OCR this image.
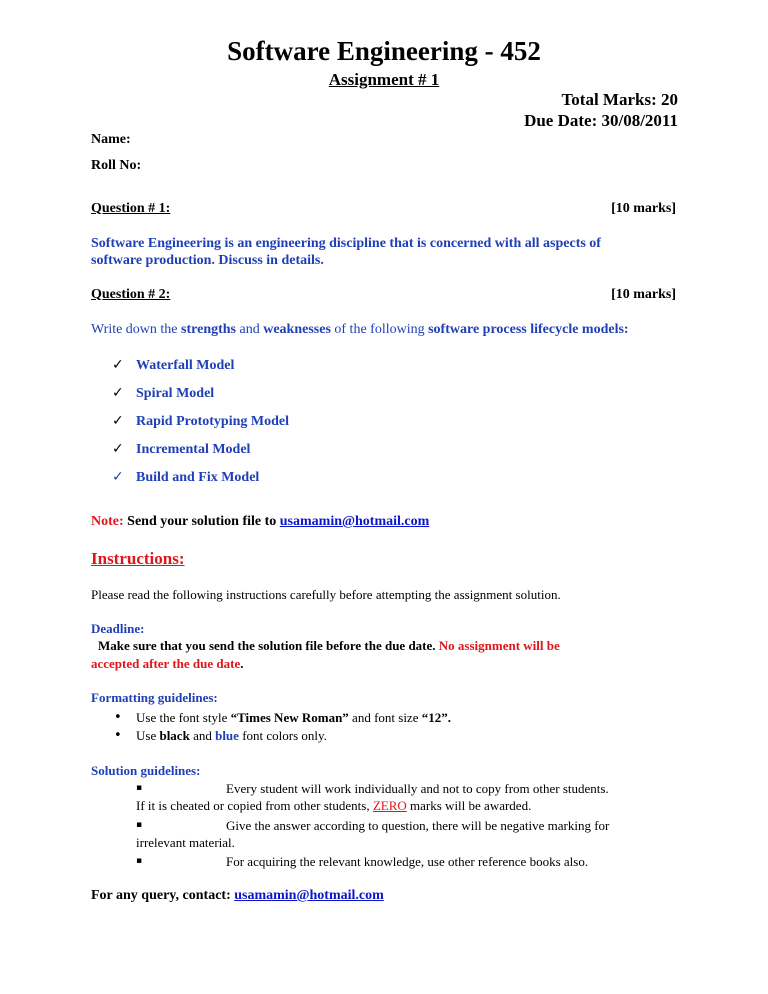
Software Engineering - 452
Assignment # 1
Total Marks: 20
Due Date: 30/08/2011
Name:
Roll No:
Question # 1:	[10 marks]
Software Engineering is an engineering discipline that is concerned with all aspects of
software production. Discuss in details.
Question # 2:	[10 marks]
Write down the strengths and weaknesses of the following software process lifecycle models:
✓ Waterfall Model
✓ Spiral Model
✓ Rapid Prototyping Model
✓ Incremental Model
✓ Build and Fix Model
Note: Send your solution file to usamamin@hotmail.com
Instructions:
Please read the following instructions carefully before attempting the assignment solution.
Deadline:
Make sure that you send the solution file before the due date. No assignment will be
accepted after the due date.
Formatting guidelines:
• Use the font style “Times New Roman” and font size “12”.
• Use black and blue font colors only.
Solution guidelines:
▪	Every student will work individually and not to copy from other students.
If it is cheated or copied from other students, ZERO marks will be awarded.
▪	Give the answer according to question, there will be negative marking for
irrelevant material.
▪	For acquiring the relevant knowledge, use other reference books also.
For any query, contact: usamamin@hotmail.com
